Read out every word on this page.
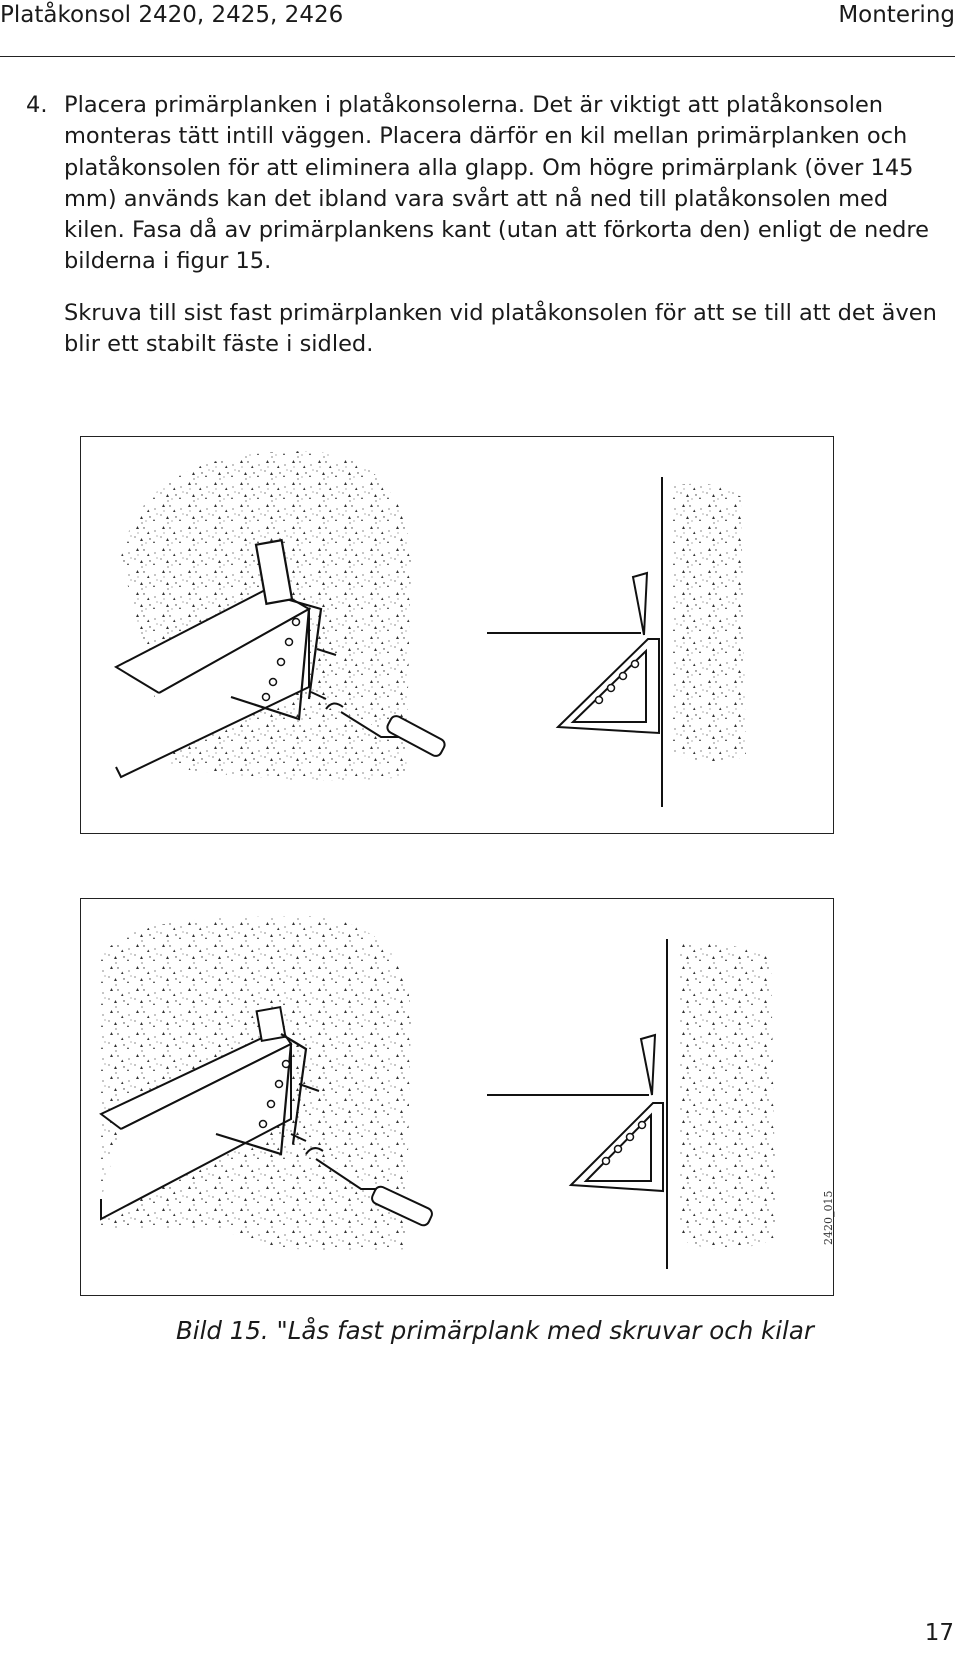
Platåkonsol 2420, 2425, 2426	Montering
4. Placera primärplanken i platåkonsolerna. Det är viktigt att platåkonsolen monteras tätt intill väggen. Placera därför en kil mellan primärplanken och platåkonsolen för att eliminera alla glapp. Om högre primärplank (över 145 mm) används kan det ibland vara svårt att nå ned till platåkonsolen med kilen. Fasa då av primärplankens kant (utan att förkorta den) enligt de nedre bilderna i figur 15.
Skruva till sist fast primärplanken vid platåkonsolen för att se till att det även blir ett stabilt fäste i sidled.
2420_015
Bild 15. "Lås fast primärplank med skruvar och kilar
17
